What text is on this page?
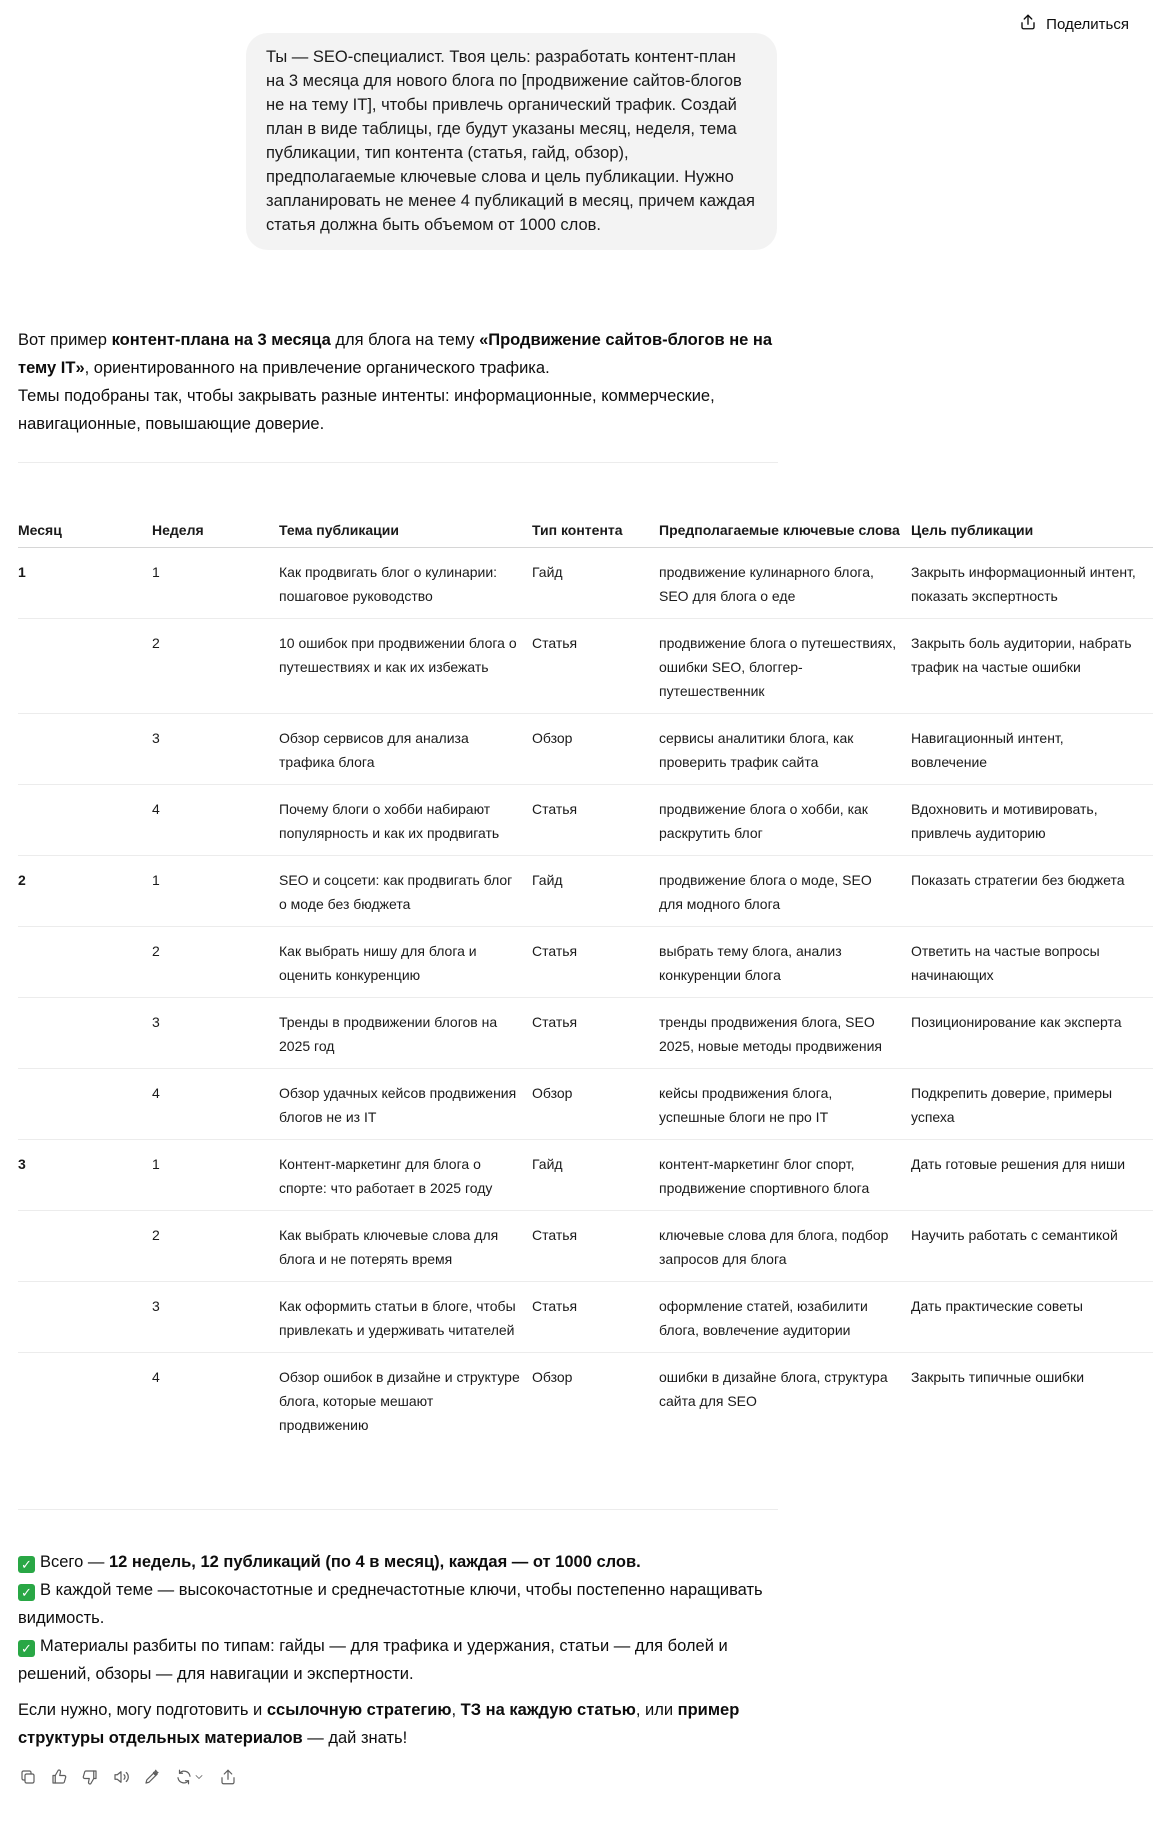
Поделиться
Ты — SEO-специалист. Твоя цель: разработать контент-план на 3 месяца для нового блога по [продвижение сайтов-блогов не на тему IT], чтобы привлечь органический трафик. Создай план в виде таблицы, где будут указаны месяц, неделя, тема публикации, тип контента (статья, гайд, обзор), предполагаемые ключевые слова и цель публикации. Нужно запланировать не менее 4 публикаций в месяц, причем каждая статья должна быть объемом от 1000 слов.

Вот пример контент-плана на 3 месяца для блога на тему «Продвижение сайтов-блогов не на тему IT», ориентированного на привлечение органического трафика.
Темы подобраны так, чтобы закрывать разные интенты: информационные, коммерческие, навигационные, повышающие доверие.

Месяц	Неделя	Тема публикации	Тип контента	Предполагаемые ключевые слова	Цель публикации
1	1	Как продвигать блог о кулинарии: пошаговое руководство	Гайд	продвижение кулинарного блога, SEO для блога о еде	Закрыть информационный интент, показать экспертность
	2	10 ошибок при продвижении блога о путешествиях и как их избежать	Статья	продвижение блога о путешествиях, ошибки SEO, блоггер-путешественник	Закрыть боль аудитории, набрать трафик на частые ошибки
	3	Обзор сервисов для анализа трафика блога	Обзор	сервисы аналитики блога, как проверить трафик сайта	Навигационный интент, вовлечение
	4	Почему блоги о хобби набирают популярность и как их продвигать	Статья	продвижение блога о хобби, как раскрутить блог	Вдохновить и мотивировать, привлечь аудиторию
2	1	SEO и соцсети: как продвигать блог о моде без бюджета	Гайд	продвижение блога о моде, SEO для модного блога	Показать стратегии без бюджета
	2	Как выбрать нишу для блога и оценить конкуренцию	Статья	выбрать тему блога, анализ конкуренции блога	Ответить на частые вопросы начинающих
	3	Тренды в продвижении блогов на 2025 год	Статья	тренды продвижения блога, SEO 2025, новые методы продвижения	Позиционирование как эксперта
	4	Обзор удачных кейсов продвижения блогов не из IT	Обзор	кейсы продвижения блога, успешные блоги не про IT	Подкрепить доверие, примеры успеха
3	1	Контент-маркетинг для блога о спорте: что работает в 2025 году	Гайд	контент-маркетинг блог спорт, продвижение спортивного блога	Дать готовые решения для ниши
	2	Как выбрать ключевые слова для блога и не потерять время	Статья	ключевые слова для блога, подбор запросов для блога	Научить работать с семантикой
	3	Как оформить статьи в блоге, чтобы привлекать и удерживать читателей	Статья	оформление статей, юзабилити блога, вовлечение аудитории	Дать практические советы
	4	Обзор ошибок в дизайне и структуре блога, которые мешают продвижению	Обзор	ошибки в дизайне блога, структура сайта для SEO	Закрыть типичные ошибки

✓ Всего — 12 недель, 12 публикаций (по 4 в месяц), каждая — от 1000 слов.

✓ В каждой теме — высокочастотные и среднечастотные ключи, чтобы постепенно наращивать видимость.

✓ Материалы разбиты по типам: гайды — для трафика и удержания, статьи — для болей и решений, обзоры — для навигации и экспертности.

Если нужно, могу подготовить и ссылочную стратегию, ТЗ на каждую статью, или пример структуры отдельных материалов — дай знать!
